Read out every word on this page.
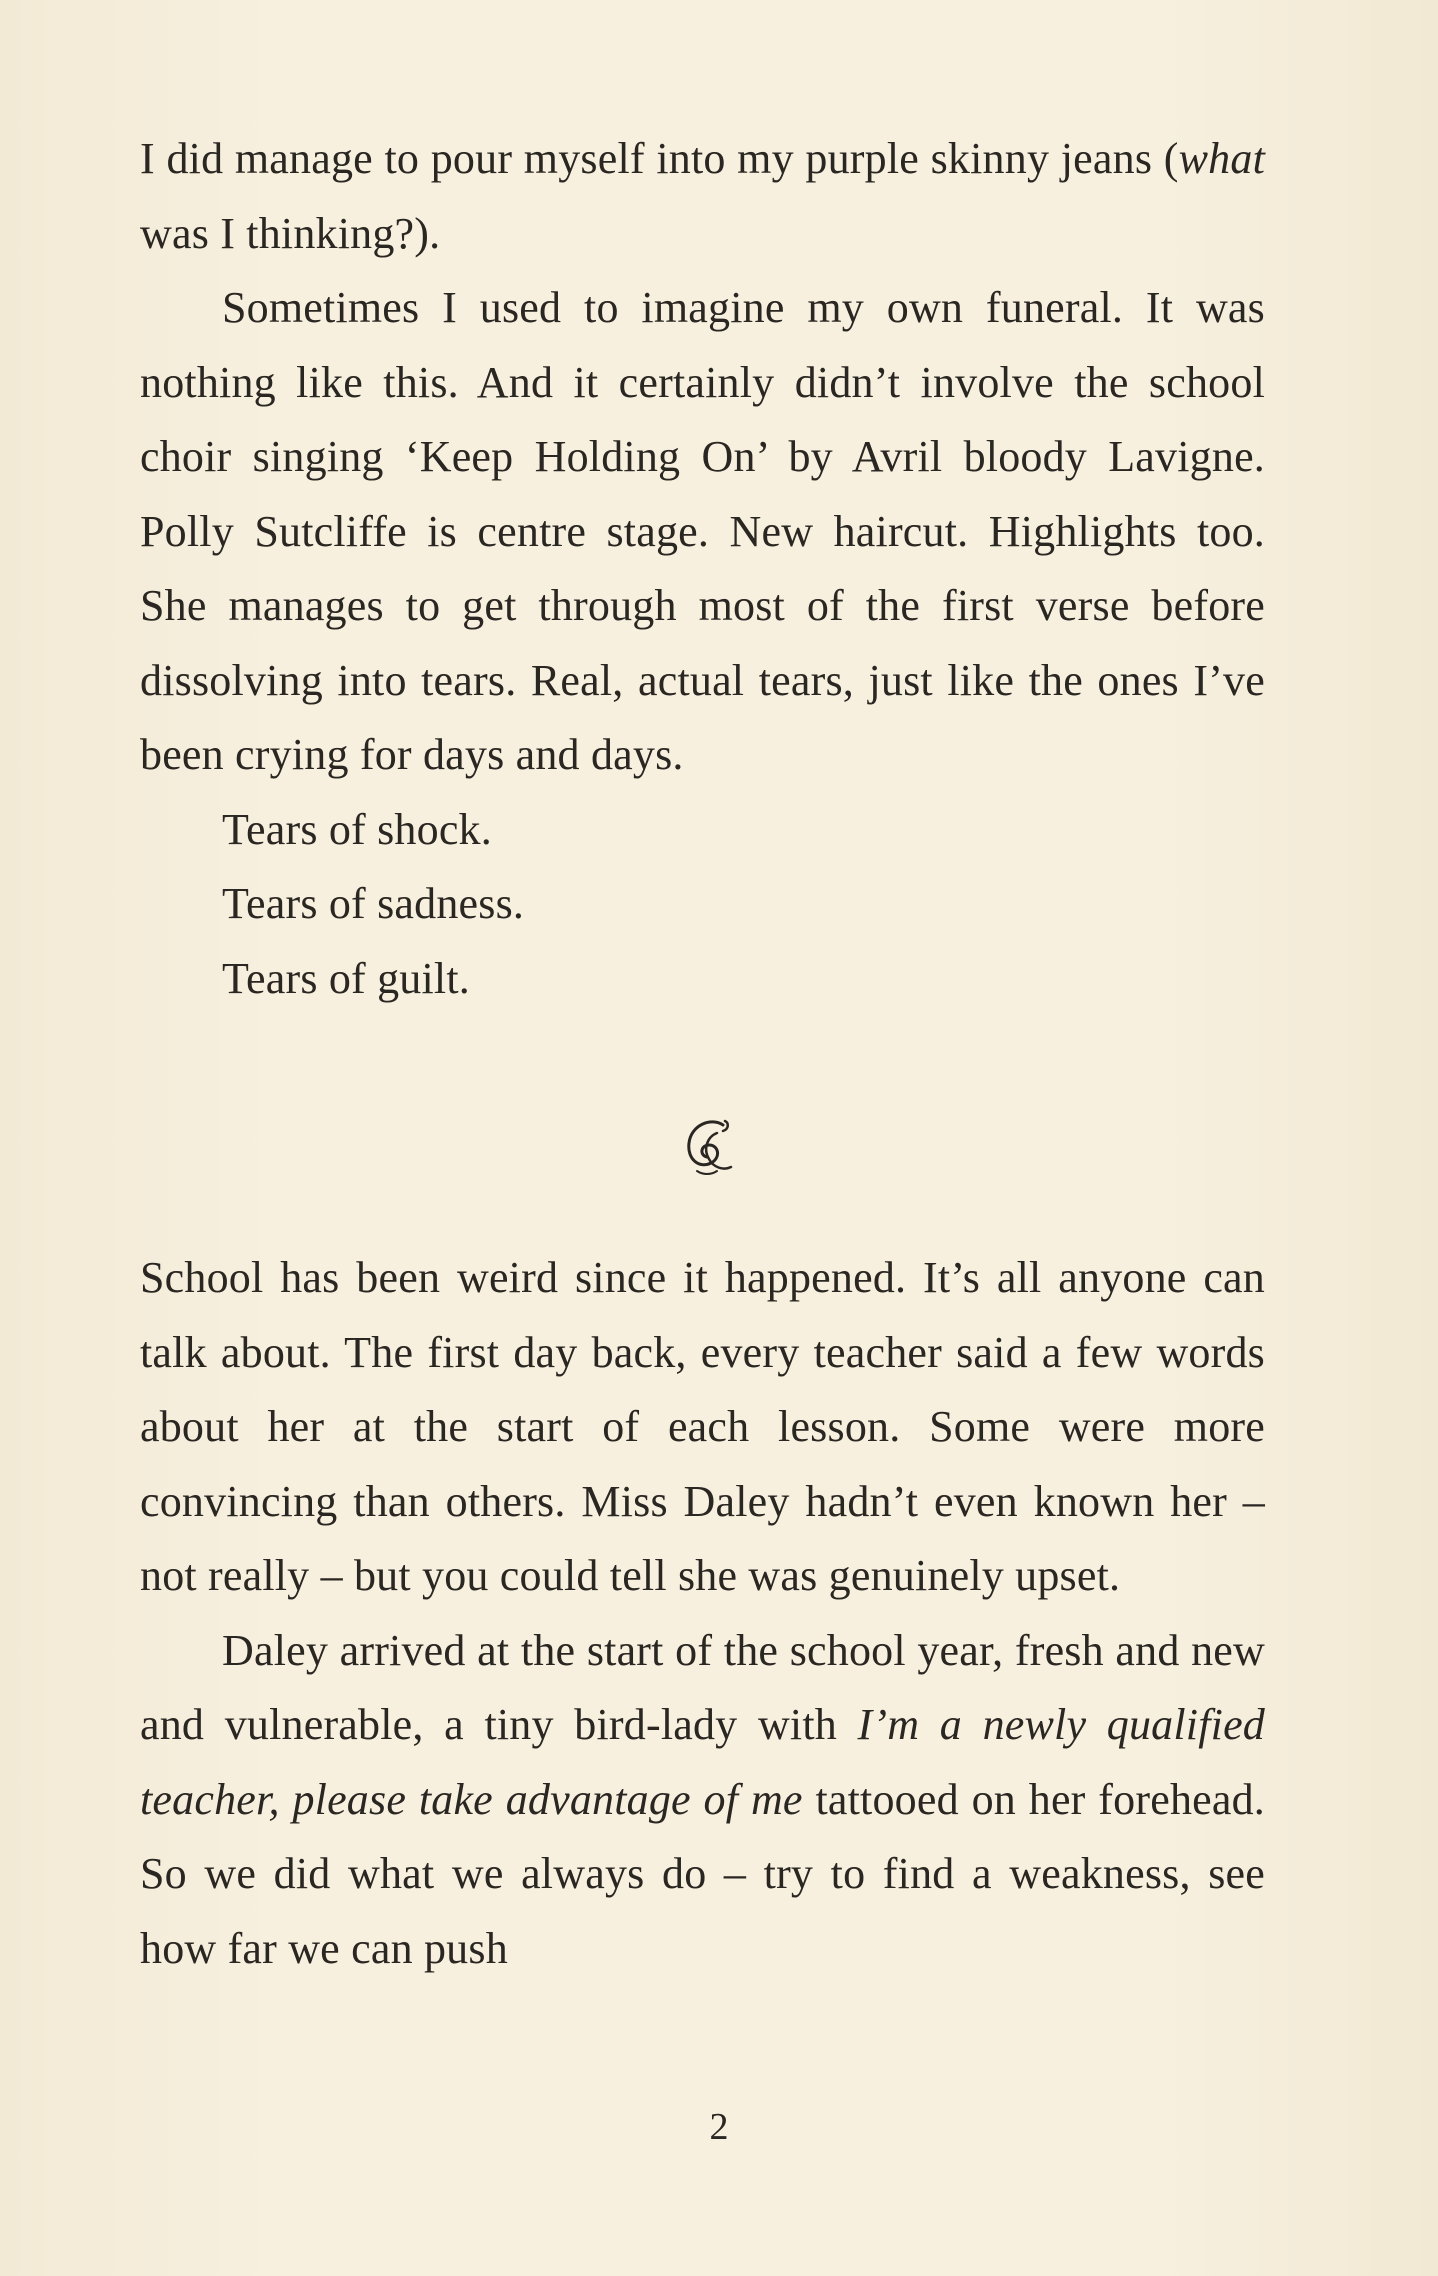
I did manage to pour myself into my purple skinny jeans (what was I thinking?).

Sometimes I used to imagine my own funeral. It was nothing like this. And it certainly didn’t involve the school choir singing ‘Keep Holding On’ by Avril bloody Lavigne. Polly Sutcliffe is centre stage. New haircut. Highlights too. She manages to get through most of the first verse before dissolving into tears. Real, actual tears, just like the ones I’ve been crying for days and days.

Tears of shock.

Tears of sadness.

Tears of guilt.

School has been weird since it happened. It’s all anyone can talk about. The first day back, every teacher said a few words about her at the start of each lesson. Some were more convincing than others. Miss Daley hadn’t even known her – not really – but you could tell she was genuinely upset.

Daley arrived at the start of the school year, fresh and new and vulnerable, a tiny bird-lady with I’m a newly qualified teacher, please take advantage of me tattooed on her forehead. So we did what we always do – try to find a weakness, see how far we can push

2
